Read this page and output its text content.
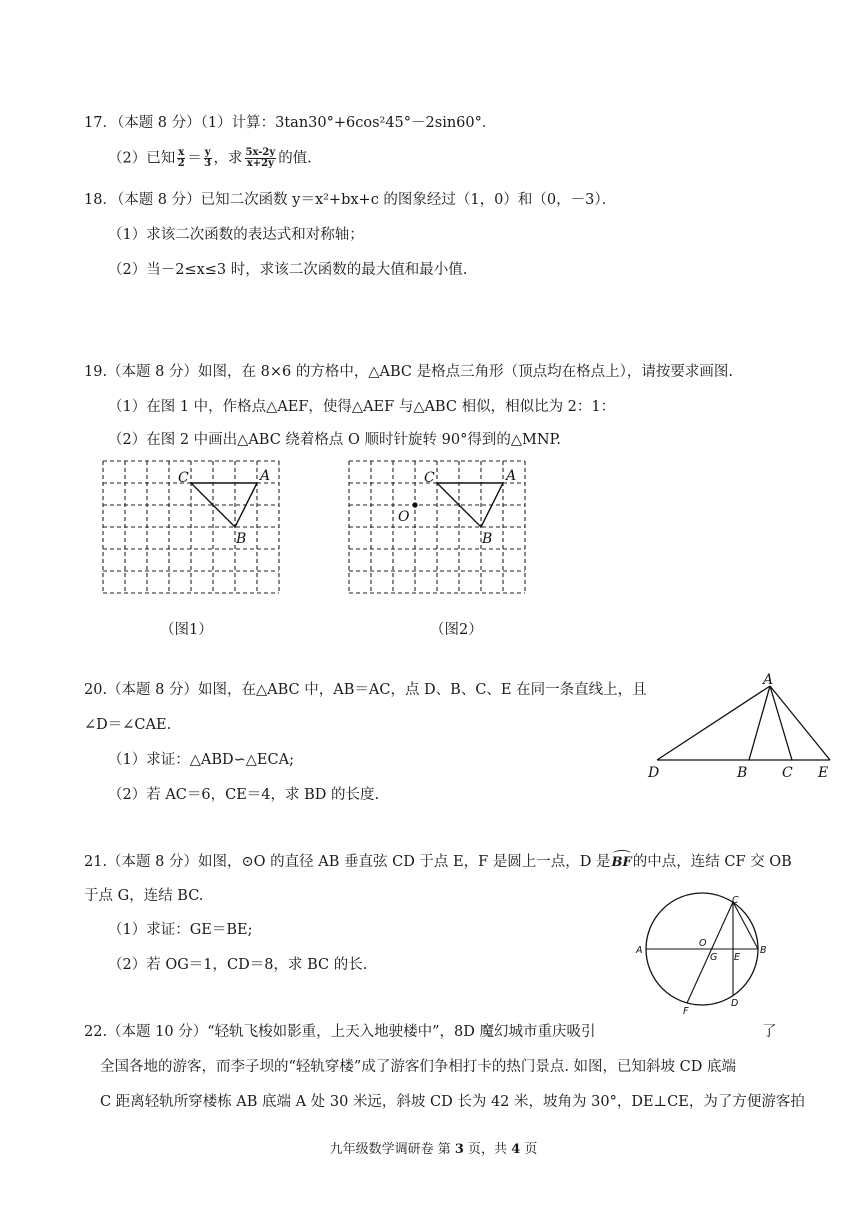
17．（本题 8 分）（1）计算：3tan30°+6cos²45°－2sin60°．
（2）已知 $\frac{x}{2} = \frac{y}{3}$ ，求 $\frac{5x-2y}{x+2y}$ 的值.
18．（本题 8 分）已知二次函数 y＝x²+bx+c 的图象经过（1，0）和（0，－3）．
（1）求该二次函数的表达式和对称轴；
（2）当－2≤x≤3 时，求该二次函数的最大值和最小值.
19.（本题 8 分）如图，在 8×6 的方格中，△ABC 是格点三角形（顶点均在格点上），请按要求画图.
（1）在图 1 中，作格点△AEF，使得△AEF 与△ABC 相似，相似比为 2：1：
（2）在图 2 中画出△ABC 绕着格点 O 顺时针旋转 90°得到的△MNP.
C	A
B
C	A
B
O
（图1）	（图2）
20.（本题 8 分）如图，在△ABC 中，AB＝AC，点 D、B、C、E 在同一条直线上，且
∠D＝∠CAE.
（1）求证：△ABD∽△ECA;
（2）若 AC＝6，CE＝4，求 BD 的长度.
A
D	B C E
21.（本题 8 分）如图，⊙O 的直径 AB 垂直弦 CD 于点 E，F 是圆上一点，D 是BF的中点，连结 CF 交 OB
于点 G，连结 BC.
（1）求证：GE＝BE;
（2）若 OG＝1，CD＝8，求 BC 的长.
C
A
O
G E
B
D
F
22.（本题 10 分）“轻轨飞梭如影重，上天入地驶楼中”，8D 魔幻城市重庆吸引	了
全国各地的游客，而李子坝的“轻轨穿楼”成了游客们争相打卡的热门景点. 如图，已知斜坡 CD 底端
C 距离轻轨所穿楼栋 AB 底端 A 处 30 米远，斜坡 CD 长为 42 米，坡角为 30°，DE⊥CE，为了方便游客拍
九年级数学调研卷 第 3 页，共 4 页
